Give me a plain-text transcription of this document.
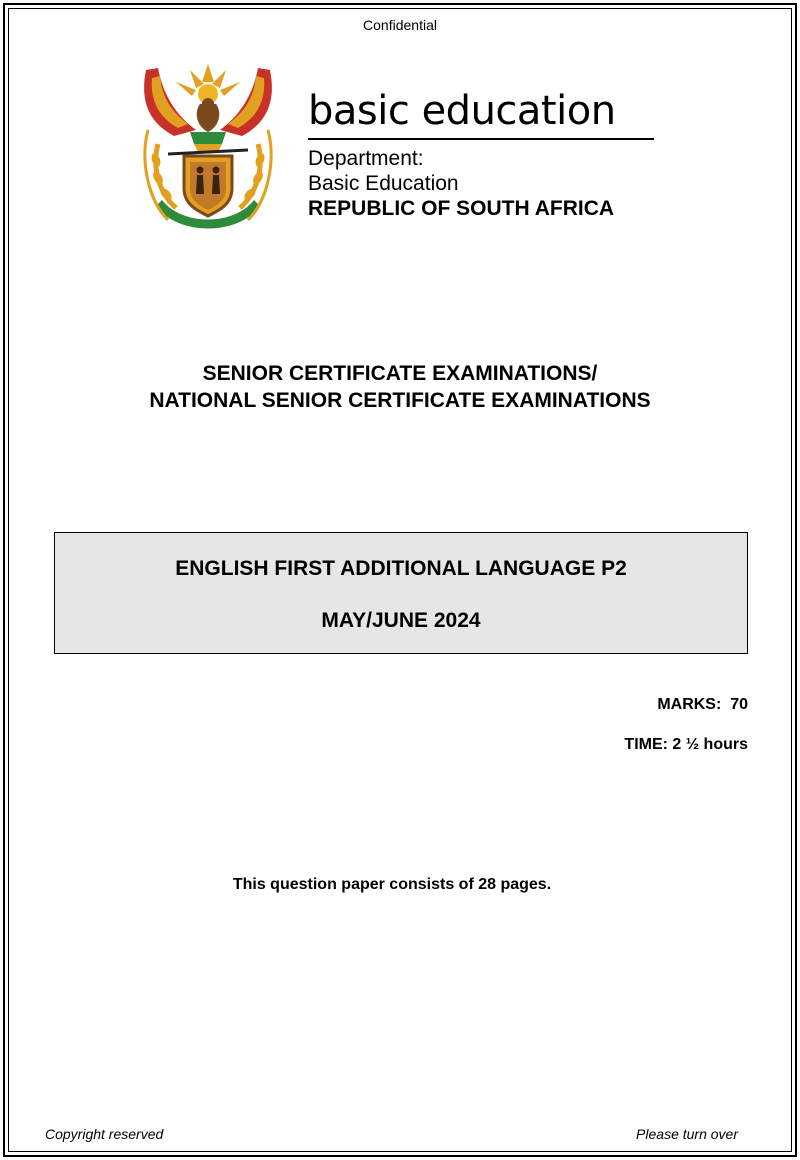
Confidential
basic education
Department:
Basic Education
REPUBLIC OF SOUTH AFRICA
SENIOR CERTIFICATE EXAMINATIONS/
NATIONAL SENIOR CERTIFICATE EXAMINATIONS
ENGLISH FIRST ADDITIONAL LANGUAGE P2
MAY/JUNE 2024
MARKS:  70
TIME: 2 ½ hours
This question paper consists of 28 pages.
Copyright reserved	Please turn over
